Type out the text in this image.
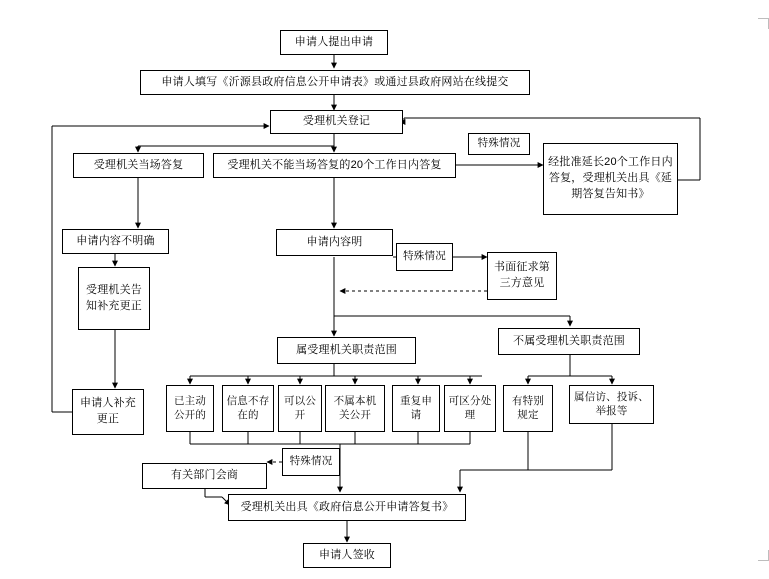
申请人提出申请
申请人填写《沂源县政府信息公开申请表》或通过县政府网站在线提交
受理机关登记
受理机关当场答复	受理机关不能当场答复的20个工作日内答复
特殊情况
经批准延长20个工作日内答复，受理机关出具《延期答复告知书》
申请内容不明确	申请内容明
特殊情况
书面征求第三方意见
受理机关告知补充更正
申请人补充更正
属受理机关职责范围
不属受理机关职责范围
已主动公开的
信息不存在的
可以公开
不属本机关公开
重复申请
可区分处理
有特别规定
属信访、投诉、举报等
特殊情况
有关部门会商
受理机关出具《政府信息公开申请答复书》
申请人签收
